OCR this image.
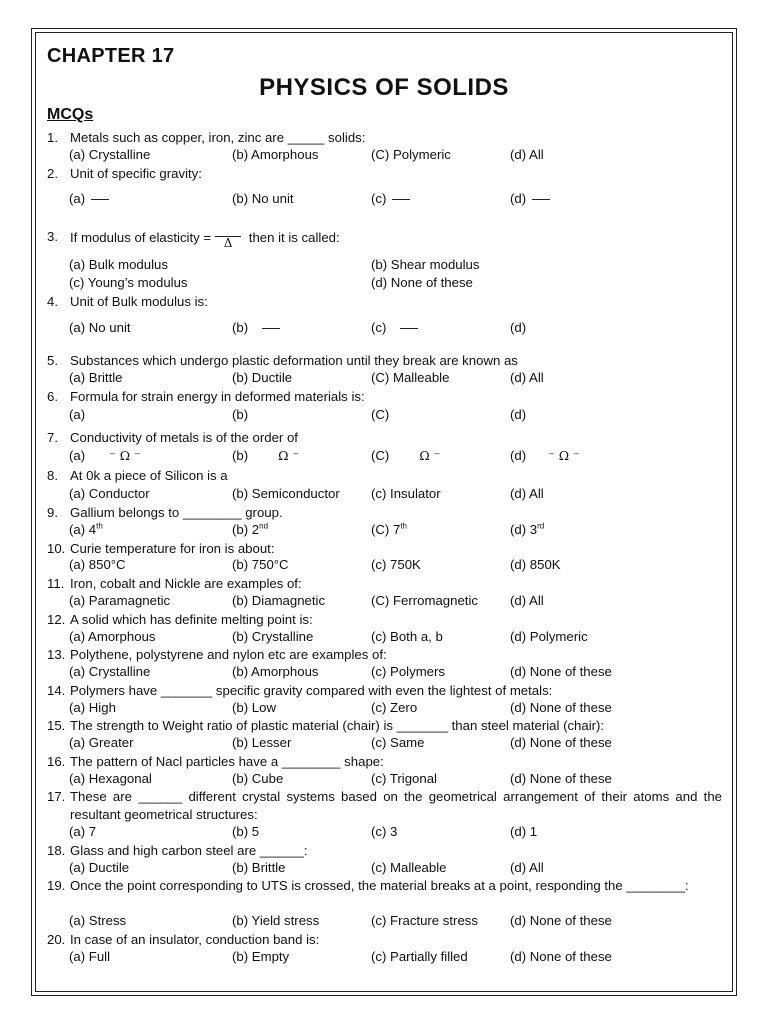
CHAPTER 17
PHYSICS OF SOLIDS
MCQs
1. Metals such as copper, iron, zinc are _____ solids:
(a) Crystalline	(b) Amorphous	(C) Polymeric	(d) All
2. Unit of specific gravity:
(a)	(b) No unit	(c)	(d)
3. If modulus of elasticity =	Δ	then it is called:
(a) Bulk modulus	(b) Shear modulus
(c) Young’s modulus	(d) None of these
4. Unit of Bulk modulus is:
(a) No unit	(b)	(c)	(d)
5. Substances which undergo plastic deformation until they break are known as
(a) Brittle	(b) Ductile	(C) Malleable	(d) All
6. Formula for strain energy in deformed materials is:
(a)	(b)	(C)	(d)
7. Conductivity of metals is of the order of
(a) ⁻ Ω ⁻	(b) Ω ⁻	(C) Ω ⁻	(d) ⁻ Ω ⁻
8. At 0k a piece of Silicon is a
(a) Conductor	(b) Semiconductor (c) Insulator	(d) All
9. Gallium belongs to ________ group.
(a) 4th	(b) 2nd	(C) 7th	(d) 3rd
10. Curie temperature for iron is about:
(a) 850°C	(b) 750°C	(c) 750K	(d) 850K
11. Iron, cobalt and Nickle are examples of:
(a) Paramagnetic	(b) Diamagnetic	(C) Ferromagnetic (d) All
12. A solid which has definite melting point is:
(a) Amorphous	(b) Crystalline	(c) Both a, b	(d) Polymeric
13. Polythene, polystyrene and nylon etc are examples of:
(a) Crystalline	(b) Amorphous	(c) Polymers	(d) None of these
14. Polymers have _______ specific gravity compared with even the lightest of metals:
(a) High	(b) Low	(c) Zero	(d) None of these
15. The strength to Weight ratio of plastic material (chair) is _______ than steel material (chair):
(a) Greater	(b) Lesser	(c) Same	(d) None of these
16. The pattern of Nacl particles have a ________ shape:
(a) Hexagonal	(b) Cube	(c) Trigonal	(d) None of these
17. These are ______ different crystal systems based on the geometrical arrangement of their atoms and the resultant geometrical structures:
(a) 7	(b) 5	(c) 3	(d) 1
18. Glass and high carbon steel are ______:
(a) Ductile	(b) Brittle	(c) Malleable	(d) All
19. Once the point corresponding to UTS is crossed, the material breaks at a point, responding the ________:
(a) Stress	(b) Yield stress	(c) Fracture stress (d) None of these
20. In case of an insulator, conduction band is:
(a) Full	(b) Empty	(c) Partially filled	(d) None of these
